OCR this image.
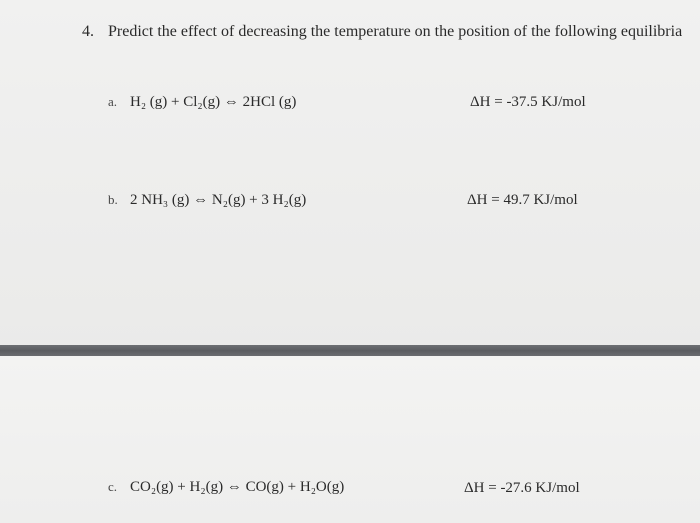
4. Predict the effect of decreasing the temperature on the position of the following equilibria
a. H₂ (g) + Cl₂(g) ⇔ 2HCl (g)	ΔH = -37.5 KJ/mol
b. 2 NH₃ (g) ⇔ N₂(g) + 3 H₂(g)	ΔH = 49.7 KJ/mol
c. CO₂(g) + H₂(g) ⇔ CO(g) + H₂O(g)	ΔH = -27.6 KJ/mol
